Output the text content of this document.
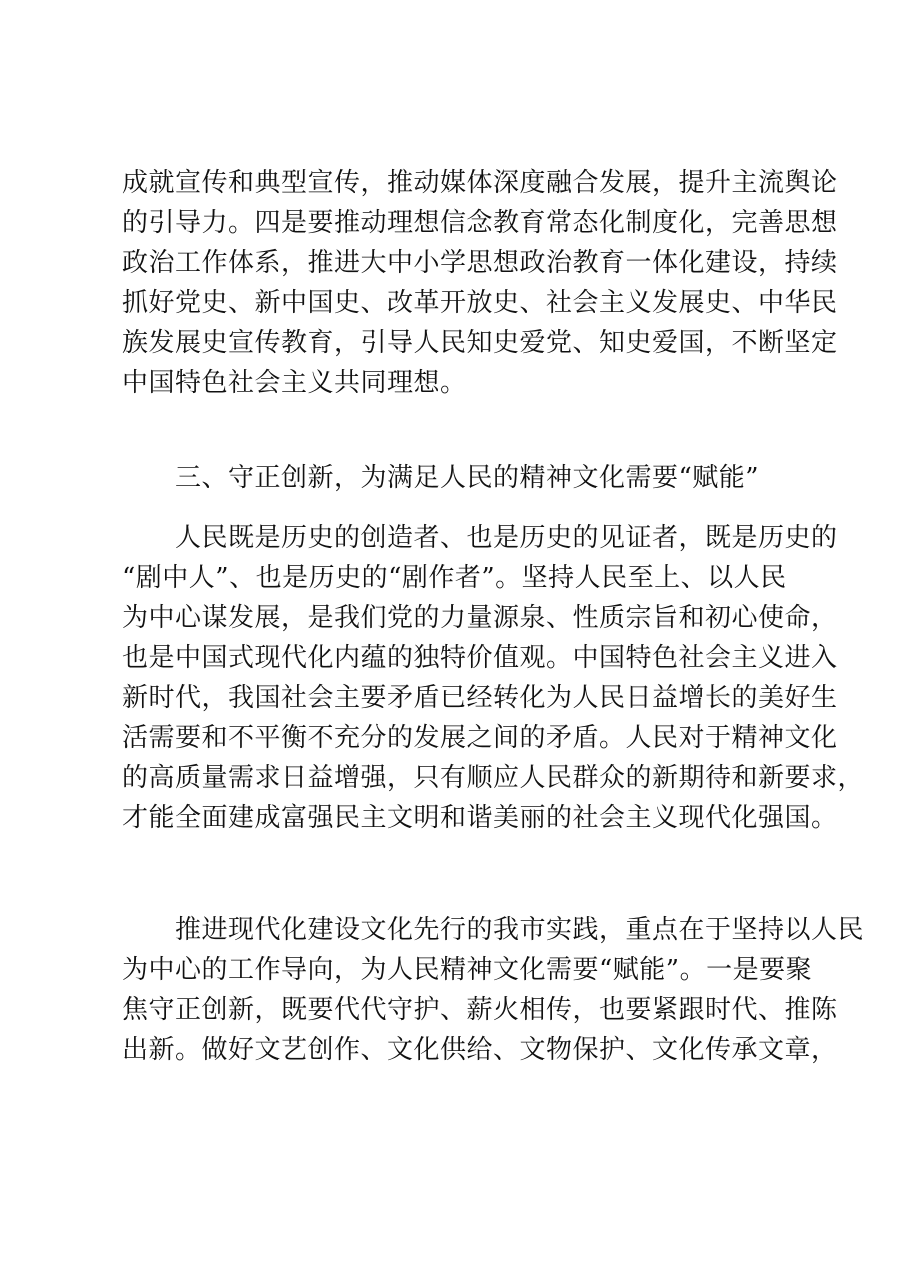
成就宣传和典型宣传，推动媒体深度融合发展，提升主流舆论
的引导力。四是要推动理想信念教育常态化制度化，完善思想
政治工作体系，推进大中小学思想政治教育一体化建设，持续
抓好党史、新中国史、改革开放史、社会主义发展史、中华民
族发展史宣传教育，引导人民知史爱党、知史爱国，不断坚定
中国特色社会主义共同理想。
　　三、守正创新，为满足人民的精神文化需要“赋能”
　　人民既是历史的创造者、也是历史的见证者，既是历史的
“剧中人”、也是历史的“剧作者”。坚持人民至上、以人民
为中心谋发展，是我们党的力量源泉、性质宗旨和初心使命，
也是中国式现代化内蕴的独特价值观。中国特色社会主义进入
新时代，我国社会主要矛盾已经转化为人民日益增长的美好生
活需要和不平衡不充分的发展之间的矛盾。人民对于精神文化
的高质量需求日益增强，只有顺应人民群众的新期待和新要求，
才能全面建成富强民主文明和谐美丽的社会主义现代化强国。
　　推进现代化建设文化先行的我市实践，重点在于坚持以人民
为中心的工作导向，为人民精神文化需要“赋能”。一是要聚
焦守正创新，既要代代守护、薪火相传，也要紧跟时代、推陈
出新。做好文艺创作、文化供给、文物保护、文化传承文章，
